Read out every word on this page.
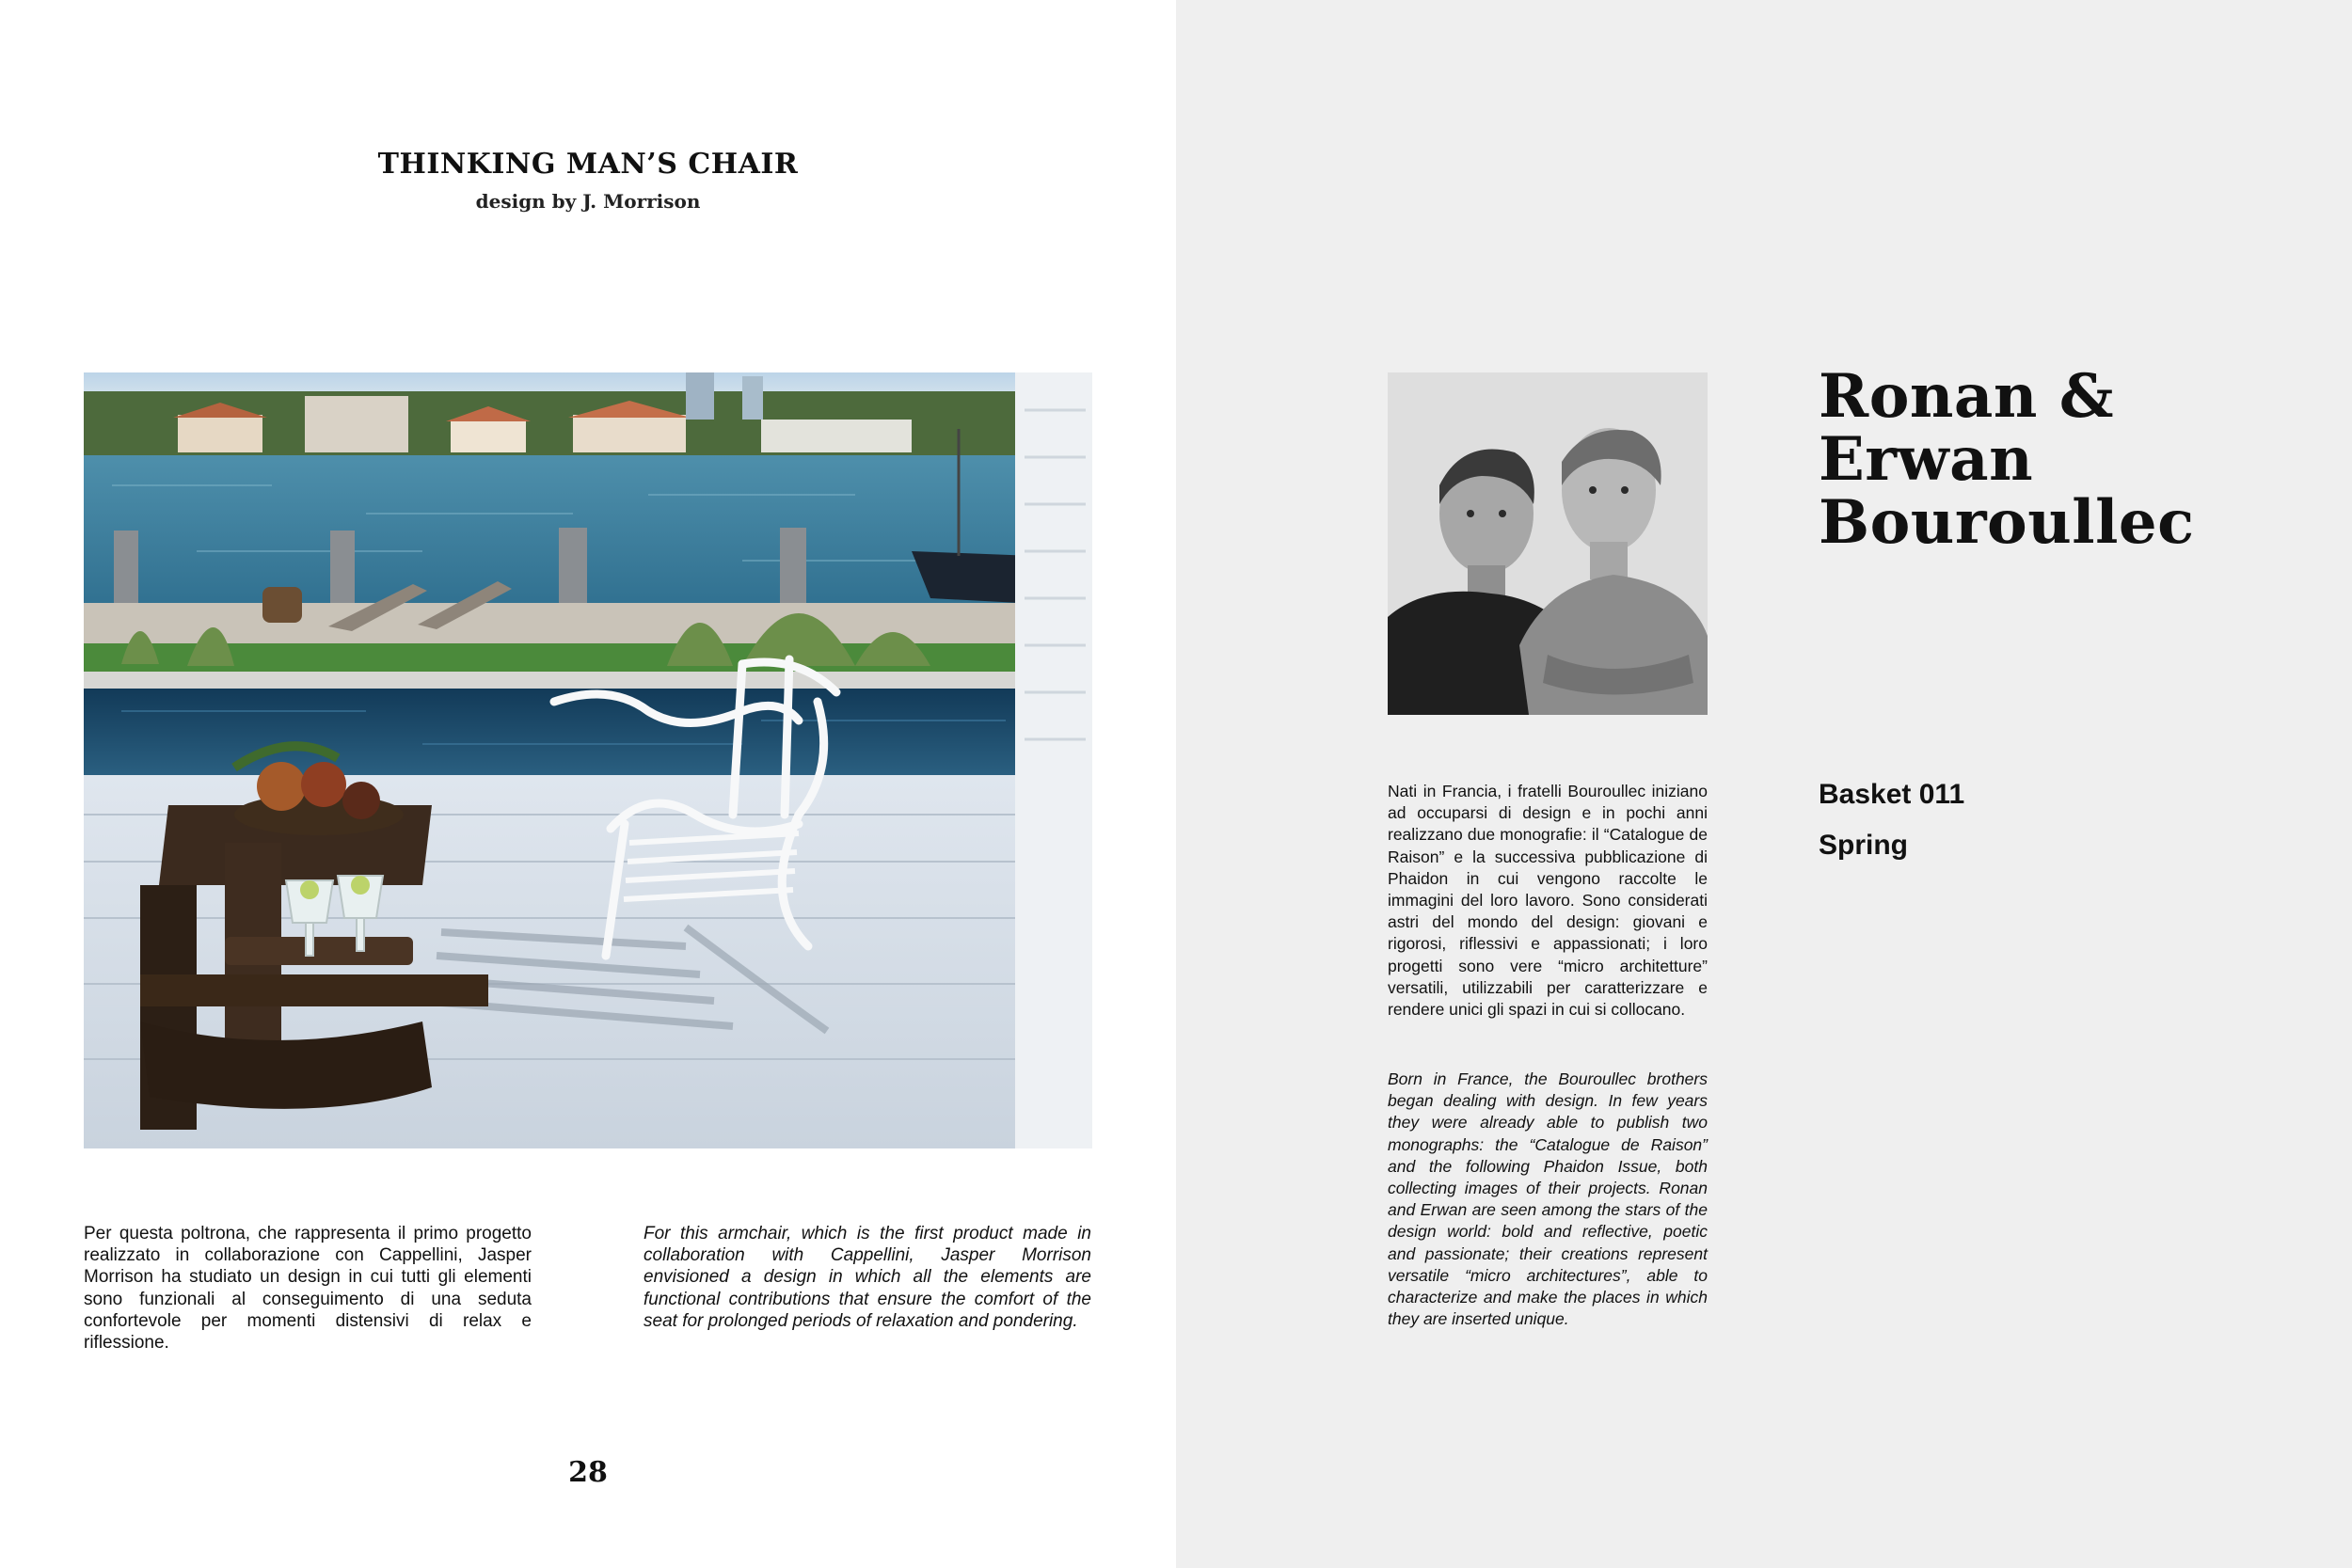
THINKING MAN’S CHAIR
design by J. Morrison
Per questa poltrona, che rappresenta il primo progetto realizzato in collaborazione con Cappellini, Jasper Morrison ha studiato un design in cui tutti gli elementi sono funzionali al conseguimento di una seduta confortevole per momenti distensivi di relax e riflessione.
For this armchair, which is the first product made in collaboration with Cappellini, Jasper Morrison envisioned a design in which all the elements are functional contributions that ensure the comfort of the seat for prolonged periods of relaxation and pondering.
28
Ronan &
Erwan
Bouroullec
Basket 011
Spring
Nati in Francia, i fratelli Bouroullec iniziano ad occuparsi di design e in pochi anni realizzano due monografie: il “Catalogue de Raison” e la successiva pubblicazione di Phaidon in cui vengono raccolte le immagini del loro lavoro. Sono considerati astri del mondo del design: giovani e rigorosi, riflessivi e appassionati; i loro progetti sono vere “micro architetture” versatili, utilizzabili per caratterizzare e rendere unici gli spazi in cui si collocano.
Born in France, the Bouroullec brothers began dealing with design. In few years they were already able to publish two monographs: the “Catalogue de Raison” and the following Phaidon Issue, both collecting images of their projects. Ronan and Erwan are seen among the stars of the design world: bold and reflective, poetic and passionate; their creations represent versatile “micro architectures”, able to characterize and make the places in which they are inserted unique.
